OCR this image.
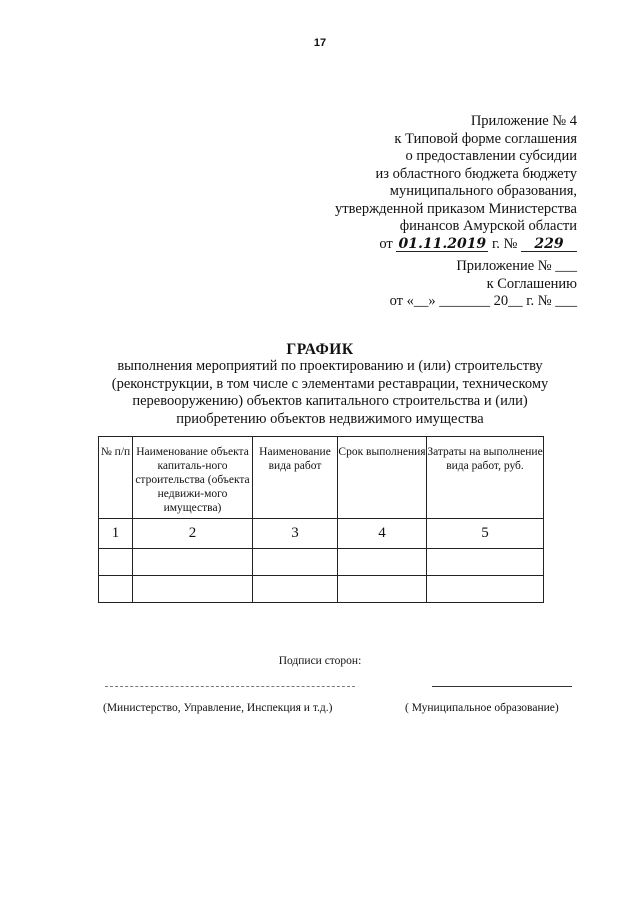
17
Приложение № 4
к Типовой форме соглашения
о предоставлении субсидии
из областного бюджета бюджету
муниципального образования,
утвержденной приказом Министерства
финансов Амурской области
от 01.11.2019 г. № 229
Приложение № ___
к Соглашению
от «__» _______ 20__ г. № ___
ГРАФИК
выполнения мероприятий по проектированию и (или) строительству (реконструкции, в том числе с элементами реставрации, техническому перевооружению) объектов капитального строительства и (или) приобретению объектов недвижимого имущества
№ п/п	Наименование объекта капиталь-ного строительства (объекта недвижи-мого имущества)	Наименование вида работ	Срок выполнения	Затраты на выполнение вида работ, руб.
1	2	3	4	5

Подписи сторон:
(Министерство, Управление, Инспекция и т.д.)	( Муниципальное образование)
